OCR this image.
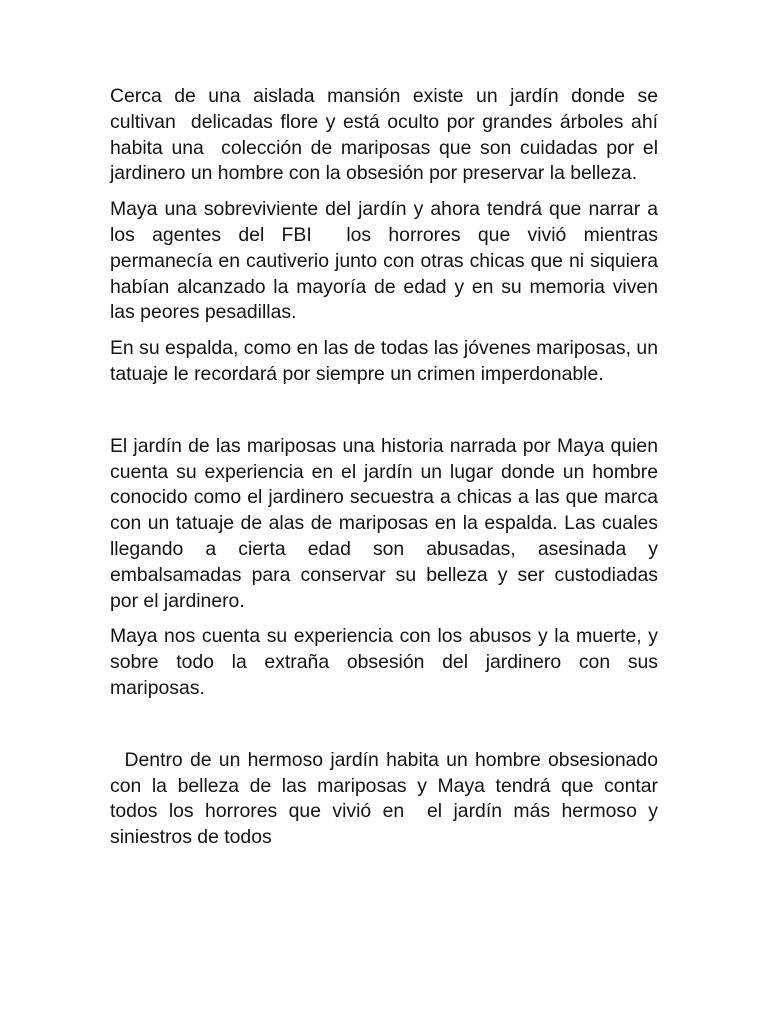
Cerca de una aislada mansión existe un jardín donde se cultivan  delicadas flore y está oculto por grandes árboles ahí habita una  colección de mariposas que son cuidadas por el jardinero un hombre con la obsesión por preservar la belleza.

Maya una sobreviviente del jardín y ahora tendrá que narrar a los agentes del FBI  los horrores que vivió mientras permanecía en cautiverio junto con otras chicas que ni siquiera habían alcanzado la mayoría de edad y en su memoria viven las peores pesadillas.

En su espalda, como en las de todas las jóvenes mariposas, un tatuaje le recordará por siempre un crimen imperdonable.

El jardín de las mariposas una historia narrada por Maya quien cuenta su experiencia en el jardín un lugar donde un hombre conocido como el jardinero secuestra a chicas a las que marca con un tatuaje de alas de mariposas en la espalda. Las cuales llegando a cierta edad son abusadas, asesinada y embalsamadas para conservar su belleza y ser custodiadas por el jardinero.

Maya nos cuenta su experiencia con los abusos y la muerte, y sobre todo la extraña obsesión del jardinero con sus mariposas.

Dentro de un hermoso jardín habita un hombre obsesionado con la belleza de las mariposas y Maya tendrá que contar todos los horrores que vivió en  el jardín más hermoso y siniestros de todos
